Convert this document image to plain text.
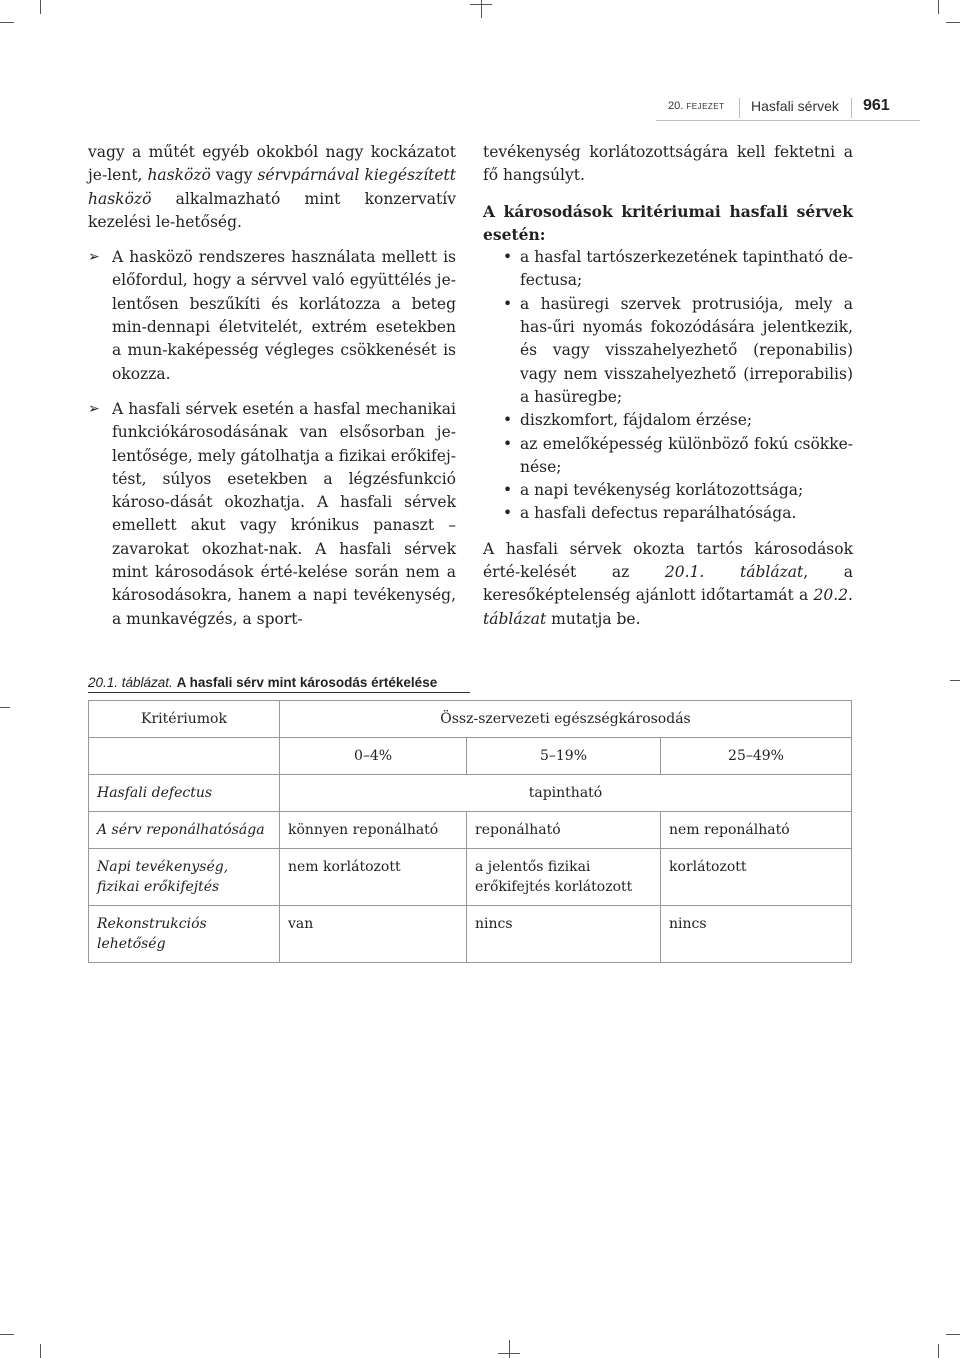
20. FEJEZET Hasfali sérvek 961

vagy a műtét egyéb okokból nagy kockázatot je-lent, hasközö vagy sérvpárnával kiegészített hasközö alkalmazható mint konzervatív kezelési le-hetőség.

➢ A hasközö rendszeres használata mellett is előfordul, hogy a sérvvel való együttélés je-lentősen beszűkíti és korlátozza a beteg min-dennapi életvitelét, extrém esetekben a mun-kaképesség végleges csökkenését is okozza.

➢ A hasfali sérvek esetén a hasfal mechanikai funkciókárosodásának van elsősorban je-lentősége, mely gátolhatja a fizikai erőkifej-tést, súlyos esetekben a légzésfunkció károso-dását okozhatja. A hasfali sérvek emellett akut vagy krónikus panaszt – zavarokat okozhat-nak. A hasfali sérvek mint károsodások érté-kelése során nem a károsodásokra, hanem a napi tevékenység, a munkavégzés, a sport-

tevékenység korlátozottságára kell fektetni a fő hangsúlyt.

A károsodások kritériumai hasfali sérvek esetén:

• a hasfal tartószerkezetének tapintható de-fectusa;
• a hasüregi szervek protrusiója, mely a has-űri nyomás fokozódására jelentkezik, és vagy visszahelyezhető (reponabilis) vagy nem visszahelyezhető (irreporabilis) a hasüregbe;
• diszkomfort, fájdalom érzése;
• az emelőképesség különböző fokú csökke-nése;
• a napi tevékenység korlátozottsága;
• a hasfali defectus reparálhatósága.

A hasfali sérvek okozta tartós károsodások érté-kelését az 20.1. táblázat, a keresőképtelenség ajánlott időtartamát a 20.2. táblázat mutatja be.

20.1. táblázat. A hasfali sérv mint károsodás értékelése
Kritériumok	Össz-szervezeti egészségkárosodás		
	0–4%	5–19%	25–49%
Hasfali defectus	tapintható		
A sérv reponálhatósága	könnyen reponálható	reponálható	nem reponálható
Napi tevékenység,
fizikai erőkifejtés	nem korlátozott	a jelentős fizikai erőkifejtés korlátozott	korlátozott
Rekonstrukciós lehetőség	van	nincs	nincs
